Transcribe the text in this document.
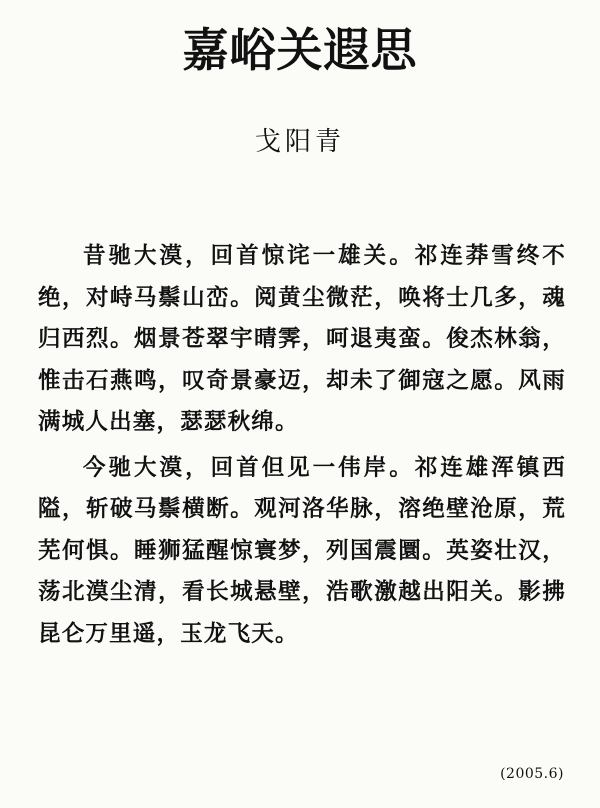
嘉峪关遐思
戈阳青

昔驰大漠，回首惊诧一雄关。祁连莽雪终不绝，对峙马鬃山峦。阅黄尘微茫，唤将士几多，魂归西烈。烟景苍翠宇晴霁，呵退夷蛮。俊杰林翁，惟击石燕鸣，叹奇景豪迈，却未了御寇之愿。风雨满城人出塞，瑟瑟秋绵。

今驰大漠，回首但见一伟岸。祁连雄浑镇西隘，斩破马鬃横断。观河洛华脉，溶绝壁沧原，荒芜何惧。睡狮猛醒惊寰梦，列国震圜。英姿壮汉，荡北漠尘清，看长城悬壁，浩歌激越出阳关。影拂昆仑万里遥，玉龙飞天。

(2005.6)
